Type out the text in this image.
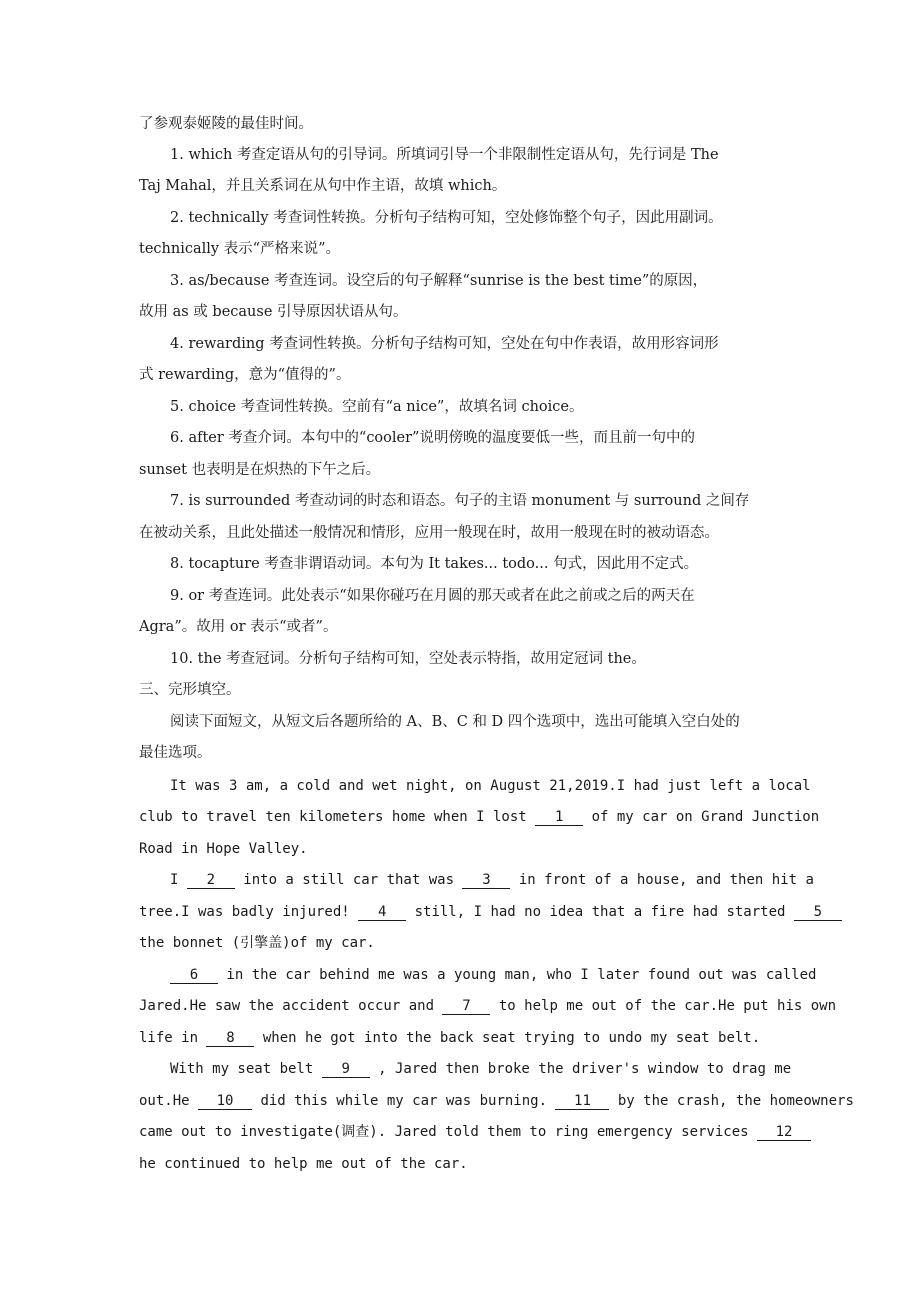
了参观泰姬陵的最佳时间。
1. which 考查定语从句的引导词。所填词引导一个非限制性定语从句，先行词是 The
Taj Mahal，并且关系词在从句中作主语，故填 which。
2. technically 考查词性转换。分析句子结构可知，空处修饰整个句子，因此用副词。
technically 表示“严格来说”。
3. as/because 考查连词。设空后的句子解释“sunrise is the best time”的原因，
故用 as 或 because 引导原因状语从句。
4. rewarding 考查词性转换。分析句子结构可知，空处在句中作表语，故用形容词形
式 rewarding，意为“值得的”。
5. choice 考查词性转换。空前有“a nice”，故填名词 choice。
6. after 考查介词。本句中的“cooler”说明傍晚的温度要低一些，而且前一句中的
sunset 也表明是在炽热的下午之后。
7. is surrounded 考查动词的时态和语态。句子的主语 monument 与 surround 之间存
在被动关系，且此处描述一般情况和情形，应用一般现在时，故用一般现在时的被动语态。
8. tocapture 考查非谓语动词。本句为 It takes... todo... 句式，因此用不定式。
9. or 考查连词。此处表示“如果你碰巧在月圆的那天或者在此之前或之后的两天在
Agra”。故用 or 表示“或者”。
10. the 考查冠词。分析句子结构可知，空处表示特指，故用定冠词 the。
三、完形填空。
阅读下面短文，从短文后各题所给的 A、B、C 和 D 四个选项中，选出可能填入空白处的
最佳选项。
It was 3 am, a cold and wet night, on August 21,2019.I had just left a local
club to travel ten kilometers home when I lost 1 of my car on Grand Junction
Road in Hope Valley.
I 2 into a still car that was 3 in front of a house, and then hit a
tree.I was badly injured! 4 still, I had no idea that a fire had started 5
the bonnet (引擎盖)of my car.
6 in the car behind me was a young man, who I later found out was called
Jared.He saw the accident occur and 7 to help me out of the car.He put his own
life in 8 when he got into the back seat trying to undo my seat belt.
With my seat belt 9 , Jared then broke the driver's window to drag me
out.He 10 did this while my car was burning. 11 by the crash, the homeowners
came out to investigate(调查). Jared told them to ring emergency services 12
he continued to help me out of the car.
